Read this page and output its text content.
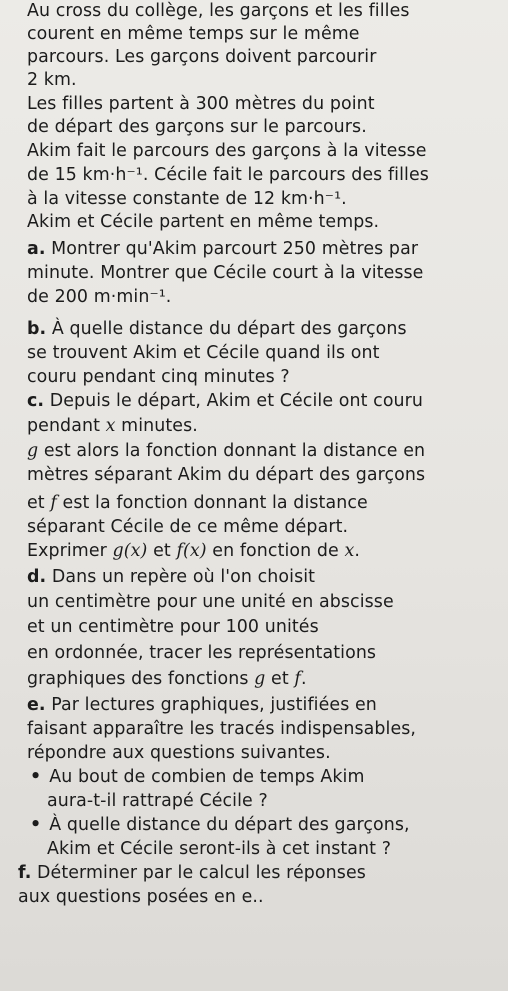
Au cross du collège, les garçons et les filles
courent en même temps sur le même
parcours. Les garçons doivent parcourir
2 km.
Les filles partent à 300 mètres du point
de départ des garçons sur le parcours.
Akim fait le parcours des garçons à la vitesse
de 15 km·h⁻¹. Cécile fait le parcours des filles
à la vitesse constante de 12 km·h⁻¹.
Akim et Cécile partent en même temps.
a. Montrer qu'Akim parcourt 250 mètres par
minute. Montrer que Cécile court à la vitesse
de 200 m·min⁻¹.
b. À quelle distance du départ des garçons
se trouvent Akim et Cécile quand ils ont
couru pendant cinq minutes ?
c. Depuis le départ, Akim et Cécile ont couru
pendant x minutes.
g est alors la fonction donnant la distance en
mètres séparant Akim du départ des garçons
et f est la fonction donnant la distance
séparant Cécile de ce même départ.
Exprimer g(x) et f(x) en fonction de x.
d. Dans un repère où l'on choisit
un centimètre pour une unité en abscisse
et un centimètre pour 100 unités
en ordonnée, tracer les représentations
graphiques des fonctions g et f.
e. Par lectures graphiques, justifiées en
faisant apparaître les tracés indispensables,
répondre aux questions suivantes.
• Au bout de combien de temps Akim
aura-t-il rattrapé Cécile ?
• À quelle distance du départ des garçons,
Akim et Cécile seront-ils à cet instant ?
f. Déterminer par le calcul les réponses
aux questions posées en e..
